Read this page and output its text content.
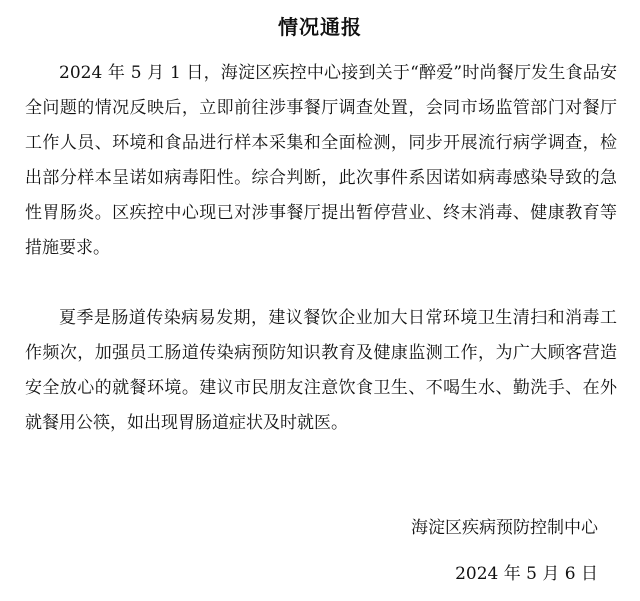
情况通报

2024 年 5 月 1 日，海淀区疾控中心接到关于“醉爱”时尚餐厅发生食品安全问题的情况反映后，立即前往涉事餐厅调查处置，会同市场监管部门对餐厅工作人员、环境和食品进行样本采集和全面检测，同步开展流行病学调查，检出部分样本呈诺如病毒阳性。综合判断，此次事件系因诺如病毒感染导致的急性胃肠炎。区疾控中心现已对涉事餐厅提出暂停营业、终末消毒、健康教育等措施要求。

夏季是肠道传染病易发期，建议餐饮企业加大日常环境卫生清扫和消毒工作频次，加强员工肠道传染病预防知识教育及健康监测工作，为广大顾客营造安全放心的就餐环境。建议市民朋友注意饮食卫生、不喝生水、勤洗手、在外就餐用公筷，如出现胃肠道症状及时就医。

海淀区疾病预防控制中心
2024 年 5 月 6 日
